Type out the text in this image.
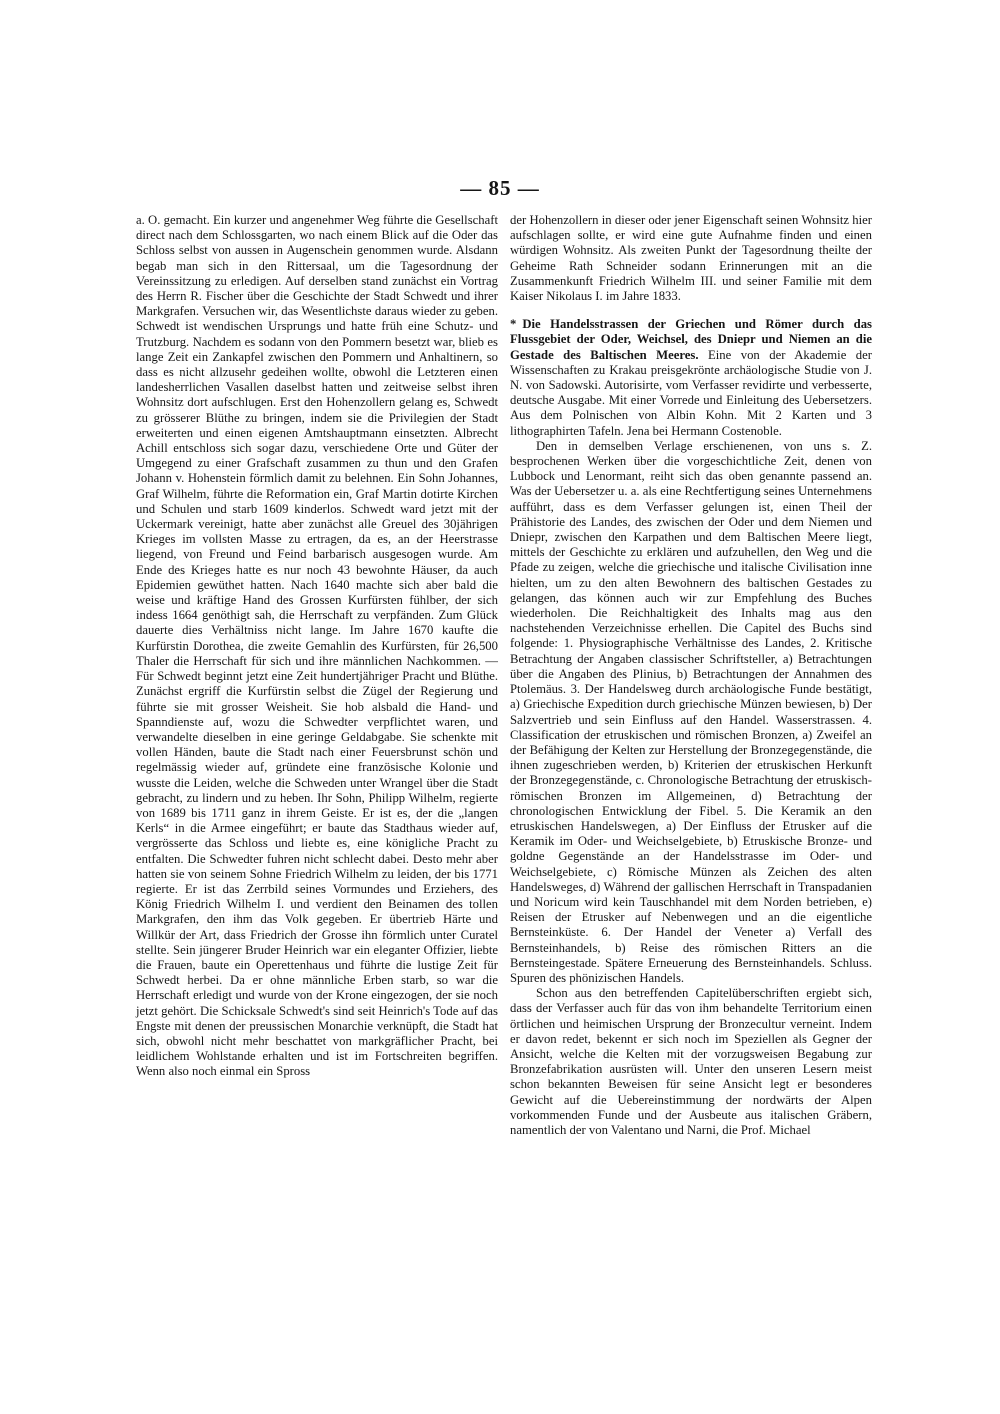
— 85 —

a. O. gemacht. Ein kurzer und angenehmer Weg führte die Gesellschaft direct nach dem Schlossgarten, wo nach einem Blick auf die Oder das Schloss selbst von aussen in Augenschein genommen wurde. Alsdann begab man sich in den Rittersaal, um die Tagesordnung der Vereinssitzung zu erledigen. Auf derselben stand zunächst ein Vortrag des Herrn R. Fischer über die Geschichte der Stadt Schwedt und ihrer Markgrafen. Versuchen wir, das Wesentlichste daraus wieder zu geben. Schwedt ist wendischen Ursprungs und hatte früh eine Schutz- und Trutzburg. Nachdem es sodann von den Pommern besetzt war, blieb es lange Zeit ein Zankapfel zwischen den Pommern und Anhaltinern, so dass es nicht allzusehr gedeihen wollte, obwohl die Letzteren einen landesherrlichen Vasallen daselbst hatten und zeitweise selbst ihren Wohnsitz dort aufschlugen. Erst den Hohenzollern gelang es, Schwedt zu grösserer Blüthe zu bringen, indem sie die Privilegien der Stadt erweiterten und einen eigenen Amtshauptmann einsetzten. Albrecht Achill entschloss sich sogar dazu, verschiedene Orte und Güter der Umgegend zu einer Grafschaft zusammen zu thun und den Grafen Johann v. Hohenstein förmlich damit zu belehnen. Ein Sohn Johannes, Graf Wilhelm, führte die Reformation ein, Graf Martin dotirte Kirchen und Schulen und starb 1609 kinderlos. Schwedt ward jetzt mit der Uckermark vereinigt, hatte aber zunächst alle Greuel des 30jährigen Krieges im vollsten Masse zu ertragen, da es, an der Heerstrasse liegend, von Freund und Feind barbarisch ausgesogen wurde. Am Ende des Krieges hatte es nur noch 43 bewohnte Häuser, da auch Epidemien gewüthet hatten. Nach 1640 machte sich aber bald die weise und kräftige Hand des Grossen Kurfürsten fühlber, der sich indess 1664 genöthigt sah, die Herrschaft zu verpfänden. Zum Glück dauerte dies Verhältniss nicht lange. Im Jahre 1670 kaufte die Kurfürstin Dorothea, die zweite Gemahlin des Kurfürsten, für 26,500 Thaler die Herrschaft für sich und ihre männlichen Nachkommen. — Für Schwedt beginnt jetzt eine Zeit hundertjähriger Pracht und Blüthe. Zunächst ergriff die Kurfürstin selbst die Zügel der Regierung und führte sie mit grosser Weisheit. Sie hob alsbald die Hand- und Spanndienste auf, wozu die Schwedter verpflichtet waren, und verwandelte dieselben in eine geringe Geldabgabe. Sie schenkte mit vollen Händen, baute die Stadt nach einer Feuersbrunst schön und regelmässig wieder auf, gründete eine französische Kolonie und wusste die Leiden, welche die Schweden unter Wrangel über die Stadt gebracht, zu lindern und zu heben. Ihr Sohn, Philipp Wilhelm, regierte von 1689 bis 1711 ganz in ihrem Geiste. Er ist es, der die „langen Kerls“ in die Armee eingeführt; er baute das Stadthaus wieder auf, vergrösserte das Schloss und liebte es, eine königliche Pracht zu entfalten. Die Schwedter fuhren nicht schlecht dabei. Desto mehr aber hatten sie von seinem Sohne Friedrich Wilhelm zu leiden, der bis 1771 regierte. Er ist das Zerrbild seines Vormundes und Erziehers, des König Friedrich Wilhelm I. und verdient den Beinamen des tollen Markgrafen, den ihm das Volk gegeben. Er übertrieb Härte und Willkür der Art, dass Friedrich der Grosse ihn förmlich unter Curatel stellte. Sein jüngerer Bruder Heinrich war ein eleganter Offizier, liebte die Frauen, baute ein Operettenhaus und führte die lustige Zeit für Schwedt herbei. Da er ohne männliche Erben starb, so war die Herrschaft erledigt und wurde von der Krone eingezogen, der sie noch jetzt gehört. Die Schicksale Schwedt's sind seit Heinrich's Tode auf das Engste mit denen der preussischen Monarchie verknüpft, die Stadt hat sich, obwohl nicht mehr beschattet von markgräflicher Pracht, bei leidlichem Wohlstande erhalten und ist im Fortschreiten begriffen. Wenn also noch einmal ein Spross

der Hohenzollern in dieser oder jener Eigenschaft seinen Wohnsitz hier aufschlagen sollte, er wird eine gute Aufnahme finden und einen würdigen Wohnsitz. Als zweiten Punkt der Tagesordnung theilte der Geheime Rath Schneider sodann Erinnerungen mit an die Zusammenkunft Friedrich Wilhelm III. und seiner Familie mit dem Kaiser Nikolaus I. im Jahre 1833.

* Die Handelsstrassen der Griechen und Römer durch das Flussgebiet der Oder, Weichsel, des Dniepr und Niemen an die Gestade des Baltischen Meeres. Eine von der Akademie der Wissenschaften zu Krakau preisgekrönte archäologische Studie von J. N. von Sadowski. Autorisirte, vom Verfasser revidirte und verbesserte, deutsche Ausgabe. Mit einer Vorrede und Einleitung des Uebersetzers. Aus dem Polnischen von Albin Kohn. Mit 2 Karten und 3 lithographirten Tafeln. Jena bei Hermann Costenoble.

Den in demselben Verlage erschienenen, von uns s. Z. besprochenen Werken über die vorgeschichtliche Zeit, denen von Lubbock und Lenormant, reiht sich das oben genannte passend an. Was der Uebersetzer u. a. als eine Rechtfertigung seines Unternehmens aufführt, dass es dem Verfasser gelungen ist, einen Theil der Prähistorie des Landes, des zwischen der Oder und dem Niemen und Dniepr, zwischen den Karpathen und dem Baltischen Meere liegt, mittels der Geschichte zu erklären und aufzuhellen, den Weg und die Pfade zu zeigen, welche die griechische und italische Civilisation inne hielten, um zu den alten Bewohnern des baltischen Gestades zu gelangen, das können auch wir zur Empfehlung des Buches wiederholen. Die Reichhaltigkeit des Inhalts mag aus den nachstehenden Verzeichnisse erhellen. Die Capitel des Buchs sind folgende: 1. Physiographische Verhältnisse des Landes, 2. Kritische Betrachtung der Angaben classischer Schriftsteller, a) Betrachtungen über die Angaben des Plinius, b) Betrachtungen der Annahmen des Ptolemäus. 3. Der Handelsweg durch archäologische Funde bestätigt, a) Griechische Expedition durch griechische Münzen bewiesen, b) Der Salzvertrieb und sein Einfluss auf den Handel. Wasserstrassen. 4. Classification der etruskischen und römischen Bronzen, a) Zweifel an der Befähigung der Kelten zur Herstellung der Bronzegegenstände, die ihnen zugeschrieben werden, b) Kriterien der etruskischen Herkunft der Bronzegegenstände, c. Chronologische Betrachtung der etruskisch-römischen Bronzen im Allgemeinen, d) Betrachtung der chronologischen Entwicklung der Fibel. 5. Die Keramik an den etruskischen Handelswegen, a) Der Einfluss der Etrusker auf die Keramik im Oder- und Weichselgebiete, b) Etruskische Bronze- und goldne Gegenstände an der Handelsstrasse im Oder- und Weichselgebiete, c) Römische Münzen als Zeichen des alten Handelsweges, d) Während der gallischen Herrschaft in Transpadanien und Noricum wird kein Tauschhandel mit dem Norden betrieben, e) Reisen der Etrusker auf Nebenwegen und an die eigentliche Bernsteinküste. 6. Der Handel der Veneter a) Verfall des Bernsteinhandels, b) Reise des römischen Ritters an die Bernsteingestade. Spätere Erneuerung des Bernsteinhandels. Schluss. Spuren des phönizischen Handels.

Schon aus den betreffenden Capitelüberschriften ergiebt sich, dass der Verfasser auch für das von ihm behandelte Territorium einen örtlichen und heimischen Ursprung der Bronzecultur verneint. Indem er davon redet, bekennt er sich noch im Speziellen als Gegner der Ansicht, welche die Kelten mit der vorzugsweisen Begabung zur Bronzefabrikation ausrüsten will. Unter den unseren Lesern meist schon bekannten Beweisen für seine Ansicht legt er besonderes Gewicht auf die Uebereinstimmung der nordwärts der Alpen vorkommenden Funde und der Ausbeute aus italischen Gräbern, namentlich der von Valentano und Narni, die Prof. Michael
